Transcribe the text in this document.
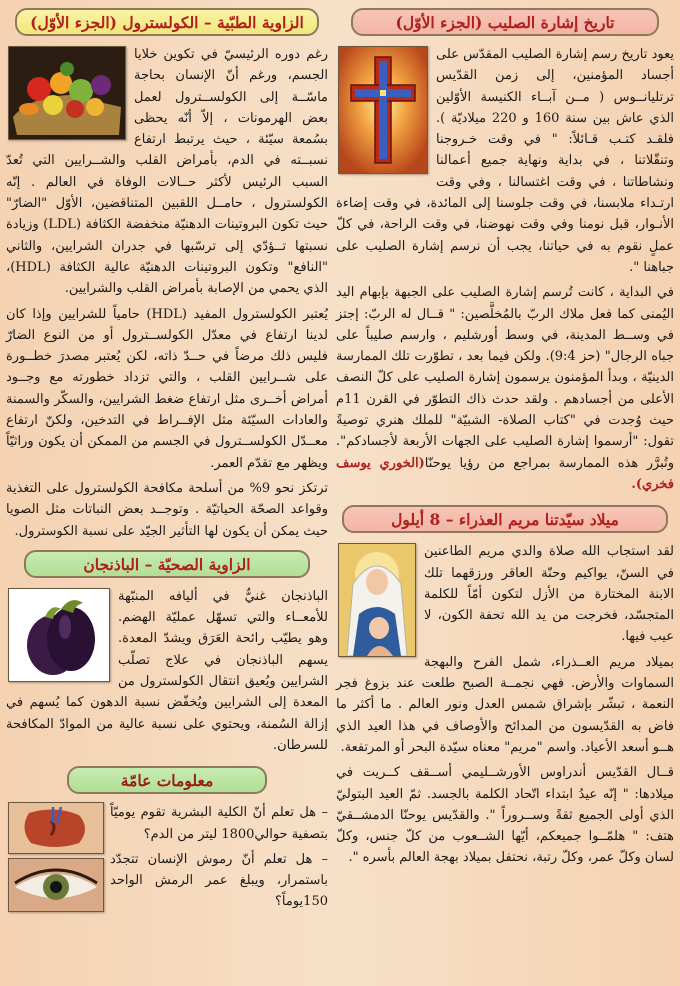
تاريخ إشارة الصليب (الجزء الأوّل)

يعود تاريخ رسم إشارة الصليب المقدّس على أجساد المؤمنين، إلى زمن القدّيس ترتليانــوس ( مــن آبــاء الكنيسة الأوّلين الذي عاش بين سنة 160 و 220 ميلاديّة ). فلقـد كتـب قـائلاً: " في وقت خـروجنا وتنقّلاتنا ، في بداية ونهاية جميع أعمالنا ونشاطاتنا ، في وقت اغتسالنا ، وفي وقت ارتـداء ملابسنا، في وقت جلوسنا إلى المائدة، في وقت إضاءة الأنـوار، قبل نومنا وفي وقت نهوضنا، في وقت الراحة، في كلّ عملٍ نقوم به في حياتنا، يجب أن نرسم إشارة الصليب على جباهنا ".

في البداية ، كانت تُرسم إشارة الصليب على الجبهة بإبهام اليد اليُمنى كما فعل ملاك الربّ بالمُخلَّصين: " قــال له الربّ: إجتز في وســط المدينة، في وسط أورشليم ، وارسم صليباً على جباه الرجال" (حز 9:4). ولكن فيما بعد ، تطوّرت تلك الممارسة الدينيّة ، وبدأ المؤمنون يرسمون إشارة الصليب على كلّ النصف الأعلى من أجسادهم . ولقد حدث ذاك التطوّر في القرن 11م حيث وُجدت في "كتاب الصلاة- الشبيّة" للملك هنري توصيةً تقول: "أرسموا إشارة الصليب على الجهات الأربعة لأجسادكم". وتُبرَّر هذه الممارسة بمراجع من رؤيا يوحنّا(الخوري يوسف فخري).

ميلاد سيّدتنا مريم العذراء – 8 أيلول

لقد استجاب الله صلاة والدي مريم الطاعنين في السنّ، يواكيم وحنّة العاقر ورزقهما تلك الابنة المختارة من الأزل لتكون أمّاً للكلمة المتجسّد، فخرجت من يد الله تحفة الكون، لا عيب فيها.

بميلاد مريم العــذراء، شمل الفرح والبهجة السماوات والأرض. فهي نجمــة الصبح طلعت عند بزوغ فجر النعمة ، تبشّر بإشراق شمس العدل ونور العالم . ما أكثر ما فاض به القدّيسون من المدائح والأوصاف في هذا العيد الذي هــو أسعد الأعياد. واسم "مريم" معناه سيّدة البحر أو المرتفعة.

قــال القدّيس أندراوس الأورشــليمي أســقف كــريت في ميلادها: " إنّه عيدُ ابتداء اتّحاد الكلمة بالجسد. ثمّ العيد البتوليّ الذي أولى الجميع ثقةً وســروراً ". والقدّيس يوحنّا الدمشــقيّ هتف: " هلمّــوا جميعكم، أيّها الشــعوب من كلّ جنس، وكلّ لسان وكلّ عمر، وكلّ رتبة، نحتفل بميلاد بهجة العالم بأسره ".

الزاوية الطبّية – الكولسترول (الجزء الأوّل)

رغم دوره الرئيسيّ في تكوين خلايا الجسم، ورغم أنّ الإنسان بحاجة ماسّــة إلى الكولســترول لعمل بعض الهرمونات ، إلاّ أنّه يحظى بسُمعة سيّئة ، حيث يرتبط ارتفاع نسبــته في الدم، بأمراض القلب والشــرايين التي تُعدّ السبب الرئيس لأكثر حــالات الوفاة في العالم . إنّه الكولسترول ، حامــل اللقبين المتناقضين، الأوّل "الضارّ" حيث تكون البروتينات الدهنيّة منخفضة الكثافة (LDL) وزيادة نسبتها تــؤدّي إلى ترسّبها في جدران الشرايين، والثاني "النافع" وتكون البروتينات الدهنيّة عالية الكثافة (HDL)، الذي يحمي من الإصابة بأمراض القلب والشرايين.

يُعتبر الكولسترول المفيد (HDL) حامياً للشرايين وإذا كان لدينا ارتفاع في معدّل الكولســترول أو من النوع الضارّ فليس ذلك مرضاً في حــدّ ذاته، لكن يُعتبر مصدرَ خطــورة على شــرايين القلب ، والتي تزداد خطورته مع وجــود أمراض أخــرى مثل ارتفاع ضغط الشرايين، والسكّر والسمنة والعادات السيّئة مثل الإفــراط في التدخين، ولكنّ ارتفاع معــدّل الكولســترول في الجسم من الممكن أن يكون وراثيّاً ويظهر مع تقدّم العمر.

ترتكز نحو 9% من أسلحة مكافحة الكولسترول على التغذية وقواعد الصحّة الحياتيّة . وتوجــد بعض النباتات مثل الصويا حيث يمكن أن يكون لها التأثير الجيّد على نسبة الكوسترول.

الزاوية الصحيّة – الباذنجان

الباذنجان غنيٌّ في أليافه المنبّهة للأمعــاء والتي تسهّل عمليّة الهضم. وهو يطيّب رائحة العَرَق ويشدّ المعدة. يسهم الباذنجان في علاج تصلّب الشرايين ويُعيق انتقال الكولسترول من المعدة إلى الشرايين ويُخفّض نسبة الدهون كما يُسهم في إزالة السُمنة، ويحتوي على نسبة عالية من الموادّ المكافحة للسرطان.

معلومات عامّة

– هل تعلم أنّ الكلية البشرية تقوم يوميّاً بتصفية حوالي1800 ليتر من الدم؟

– هل تعلم أنّ رموش الإنسان تتجدّد باستمرار، ويبلغ عمر الرمش الواحد 150يوماً؟
